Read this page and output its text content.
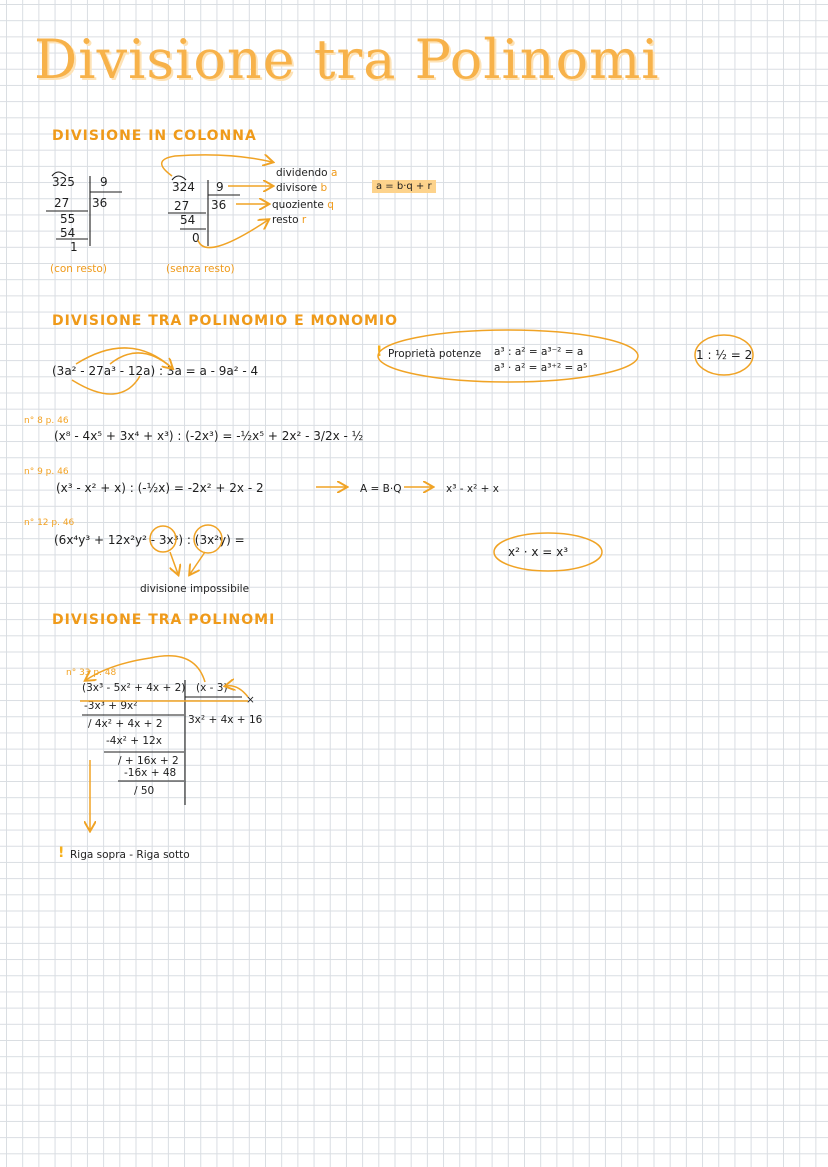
Divisione tra Polinomi
DIVISIONE IN COLONNA
325 9
36
27
55
54
1
(con resto)
324 9
36
27
54
0
(senza resto)
dividendo a
divisore b
quoziente q
resto r
a = b·q + r
DIVISIONE TRA POLINOMIO E MONOMIO
(3a² - 27a³ - 12a) : 3a = a - 9a² - 4
! Proprietà potenze a³ : a² = a³⁻² = a
a³ · a² = a³⁺² = a⁵
1 : ½ = 2
n° 8 p. 46
(x⁸ - 4x⁵ + 3x⁴ + x³) : (-2x³) = -½x⁵ + 2x² - 3/2x - ½
n° 9 p. 46
(x³ - x² + x) : (-½x) = -2x² + 2x - 2	A = B·Q	x³ - x² + x
n° 12 p. 46
(6x⁴y³ + 12x²y² - 3x³) : (3x²y) =
divisione impossibile
x² · x = x³
DIVISIONE TRA POLINOMI
n° 33 p. 48
(3x³ - 5x² + 4x + 2) (x - 3)
×
3x² + 4x + 16
-3x³ + 9x²
/ 4x² + 4x + 2
-4x² + 12x
/ + 16x + 2
-16x + 48
/ 50
! Riga sopra - Riga sotto
